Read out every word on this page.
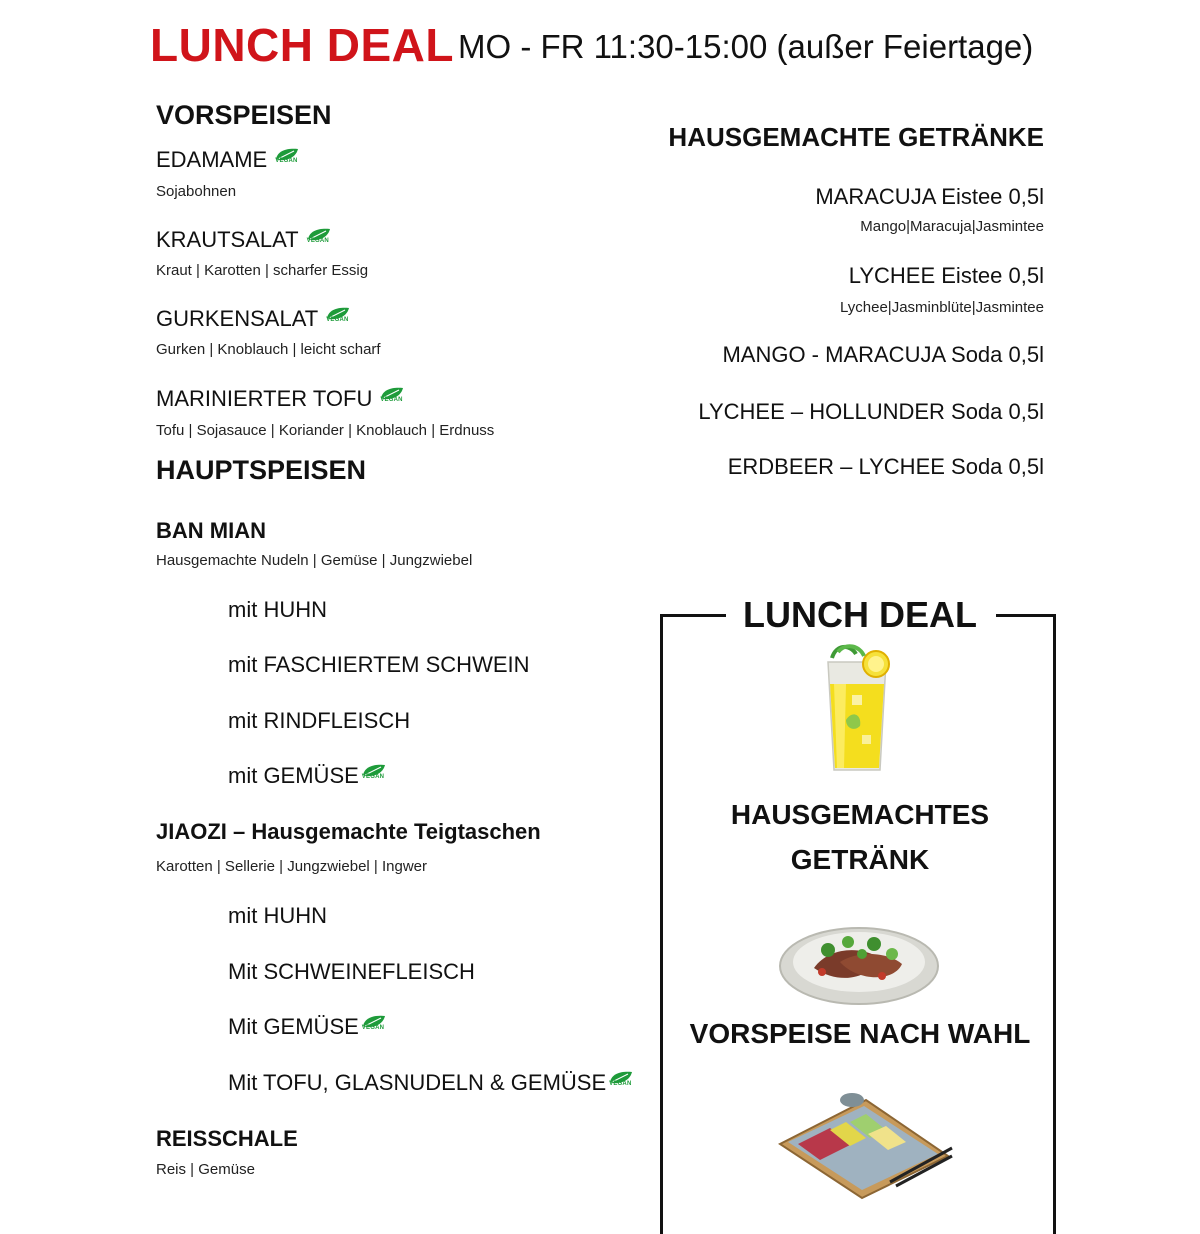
LUNCH DEAL MO - FR 11:30-15:00 (außer Feiertage)
VORSPEISEN
EDAMAME VEGAN
Sojabohnen
KRAUTSALAT VEGAN
Kraut | Karotten | scharfer Essig
GURKENSALAT VEGAN
Gurken | Knoblauch | leicht scharf
MARINIERTER TOFU VEGAN
Tofu | Sojasauce | Koriander | Knoblauch | Erdnuss
HAUPTSPEISEN
BAN MIAN
Hausgemachte Nudeln | Gemüse | Jungzwiebel
mit HUHN
mit FASCHIERTEM SCHWEIN
mit RINDFLEISCH
mit GEMÜSE VEGAN
JIAOZI – Hausgemachte Teigtaschen
Karotten | Sellerie | Jungzwiebel | Ingwer
mit HUHN
Mit SCHWEINEFLEISCH
Mit GEMÜSE VEGAN
Mit TOFU, GLASNUDELN & GEMÜSE VEGAN
REISSCHALE
Reis | Gemüse
HAUSGEMACHTE GETRÄNKE
MARACUJA Eistee 0,5l
Mango|Maracuja|Jasmintee
LYCHEE Eistee 0,5l
Lychee|Jasminblüte|Jasmintee
MANGO - MARACUJA Soda 0,5l
LYCHEE – HOLLUNDER Soda 0,5l
ERDBEER – LYCHEE Soda 0,5l
LUNCH DEAL
HAUSGEMACHTES
GETRÄNK
VORSPEISE NACH WAHL
